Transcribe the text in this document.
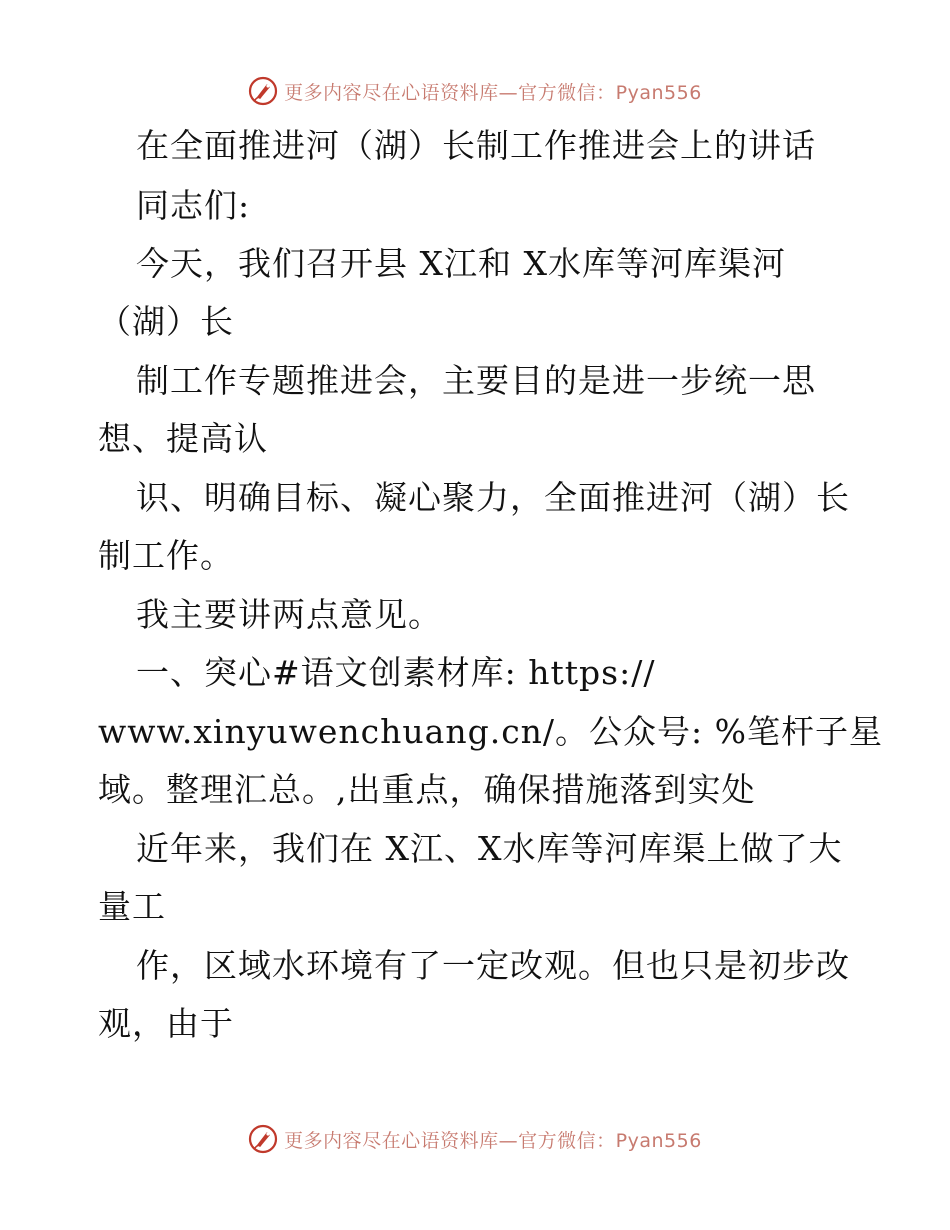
更多内容尽在心语资料库—官方微信：Pyan556
在全面推进河（湖）长制工作推进会上的讲话
同志们:
今天，我们召开县 X江和 X水库等河库渠河
（湖）长
制工作专题推进会，主要目的是进一步统一思
想、提高认
识、明确目标、凝心聚力，全面推进河（湖）长
制工作。
我主要讲两点意见。
一、突心#语文创素材库: https://
www.xinyuwenchuang.cn/。公众号: %笔杆子星
域。整理汇总。,出重点，确保措施落到实处
近年来，我们在 X江、X水库等河库渠上做了大
量工
作，区域水环境有了一定改观。但也只是初步改
观，由于
更多内容尽在心语资料库—官方微信：Pyan556
